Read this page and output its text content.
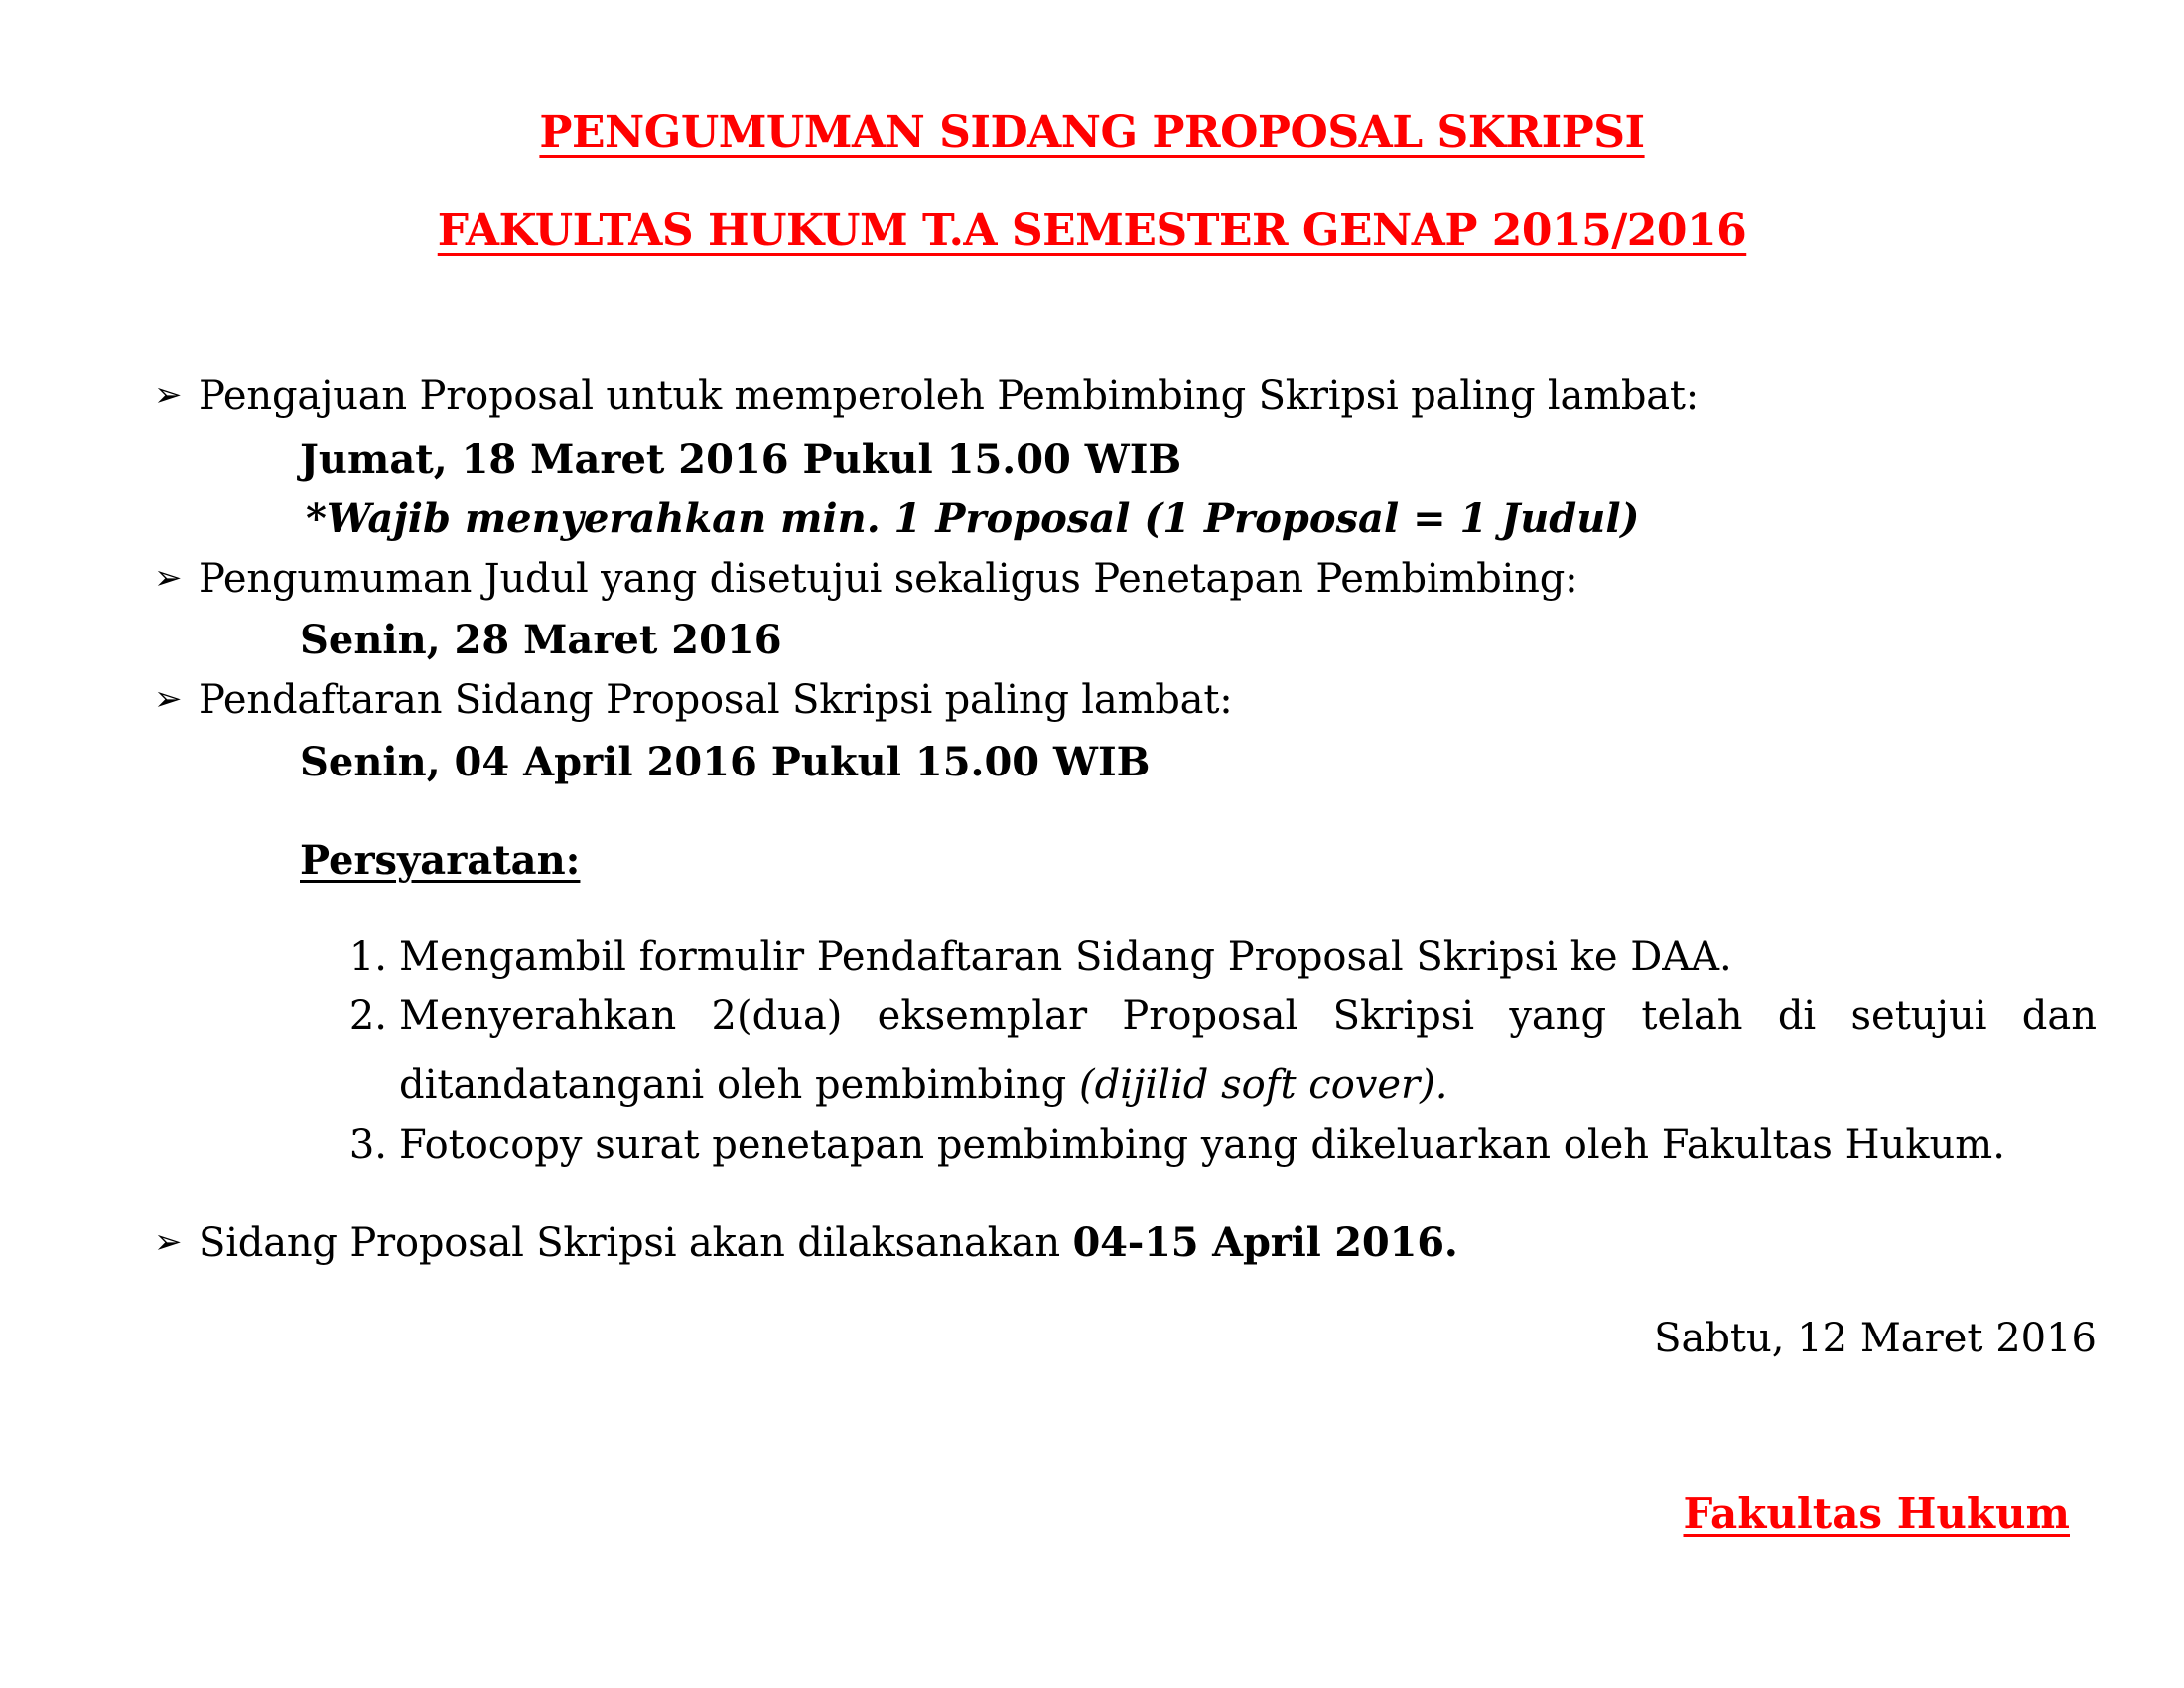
PENGUMUMAN SIDANG PROPOSAL SKRIPSI
FAKULTAS HUKUM T.A SEMESTER GENAP 2015/2016
➢ Pengajuan Proposal untuk memperoleh Pembimbing Skripsi paling lambat:
Jumat, 18 Maret 2016 Pukul 15.00 WIB
*Wajib menyerahkan min. 1 Proposal (1 Proposal = 1 Judul)
➢ Pengumuman Judul yang disetujui sekaligus Penetapan Pembimbing:
Senin, 28 Maret 2016
➢ Pendaftaran Sidang Proposal Skripsi paling lambat:
Senin, 04 April 2016 Pukul 15.00 WIB
Persyaratan:
1. Mengambil formulir Pendaftaran Sidang Proposal Skripsi ke DAA.
2. Menyerahkan 2(dua) eksemplar Proposal Skripsi yang telah di setujui dan
ditandatangani oleh pembimbing (dijilid soft cover).
3. Fotocopy surat penetapan pembimbing yang dikeluarkan oleh Fakultas Hukum.
➢ Sidang Proposal Skripsi akan dilaksanakan 04-15 April 2016.
Sabtu, 12 Maret 2016
Fakultas Hukum
